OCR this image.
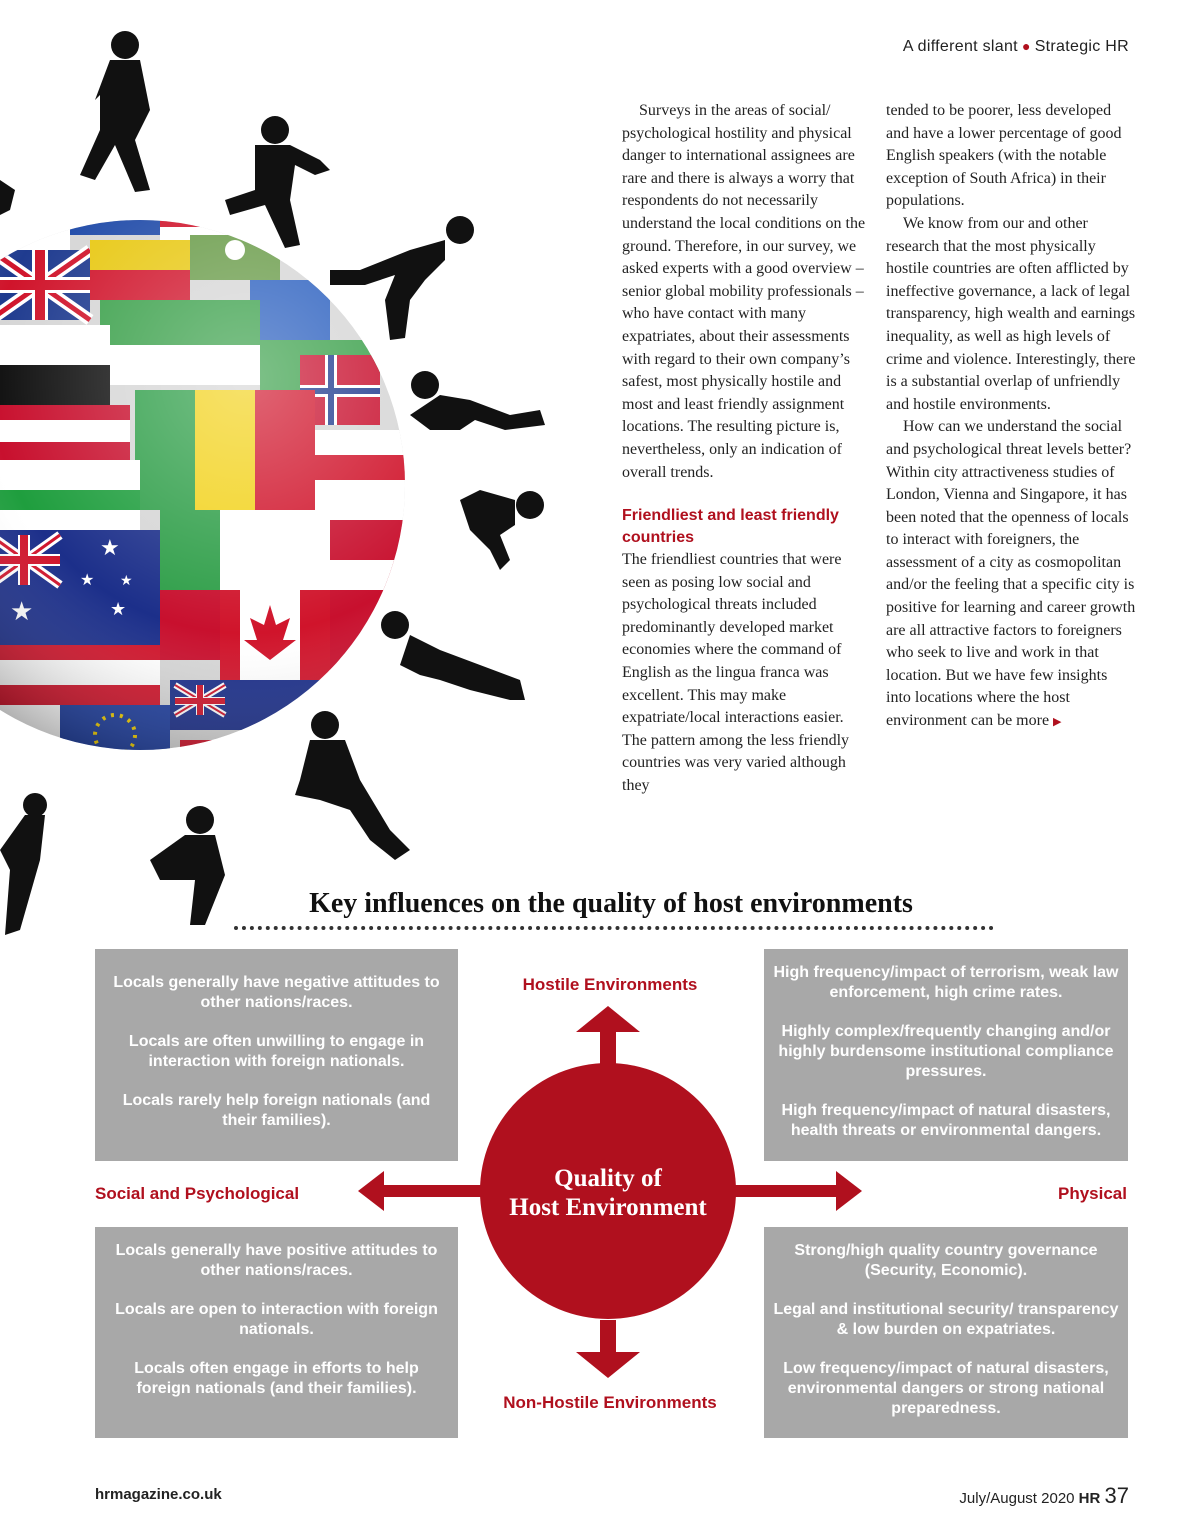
A different slant ● Strategic HR

Surveys in the areas of social/ psychological hostility and physical danger to international assignees are rare and there is always a worry that respondents do not necessarily understand the local conditions on the ground. Therefore, in our survey, we asked experts with a good overview – senior global mobility professionals – who have contact with many expatriates, about their assessments with regard to their own company’s safest, most physically hostile and most and least friendly assignment locations. The resulting picture is, nevertheless, only an indication of overall trends.

Friendliest and least friendly countries

The friendliest countries that were seen as posing low social and psychological threats included predominantly developed market economies where the command of English as the lingua franca was excellent. This may make expatriate/local interactions easier. The pattern among the less friendly countries was very varied although they

tended to be poorer, less developed and have a lower percentage of good English speakers (with the notable exception of South Africa) in their populations.

We know from our and other research that the most physically hostile countries are often afflicted by ineffective governance, a lack of legal transparency, high wealth and earnings inequality, as well as high levels of crime and violence. Interestingly, there is a substantial overlap of unfriendly and hostile environments.

How can we understand the social and psychological threat levels better? Within city attractiveness studies of London, Vienna and Singapore, it has been noted that the openness of locals to interact with foreigners, the assessment of a city as cosmopolitan and/or the feeling that a specific city is positive for learning and career growth are all attractive factors to foreigners who seek to live and work in that location. But we have few insights into locations where the host environment can be more ▶

Key influences on the quality of host environments

Locals generally have negative attitudes to other nations/races.

Locals are often unwilling to engage in interaction with foreign nationals.

Locals rarely help foreign nationals (and their families).

High frequency/impact of terrorism, weak law enforcement, high crime rates.

Highly complex/frequently changing and/or highly burdensome institutional compliance pressures.

High frequency/impact of natural disasters, health threats or environmental dangers.

Locals generally have positive attitudes to other nations/races.

Locals are open to interaction with foreign nationals.

Locals often engage in efforts to help foreign nationals (and their families).

Strong/high quality country governance (Security, Economic).

Legal and institutional security/ transparency & low burden on expatriates.

Low frequency/impact of natural disasters, environmental dangers or strong national preparedness.

Quality of
Host Environment
Hostile Environments
Non-Hostile Environments
Social and Psychological	Physical
hrmagazine.co.uk	July/August 2020 HR 37
